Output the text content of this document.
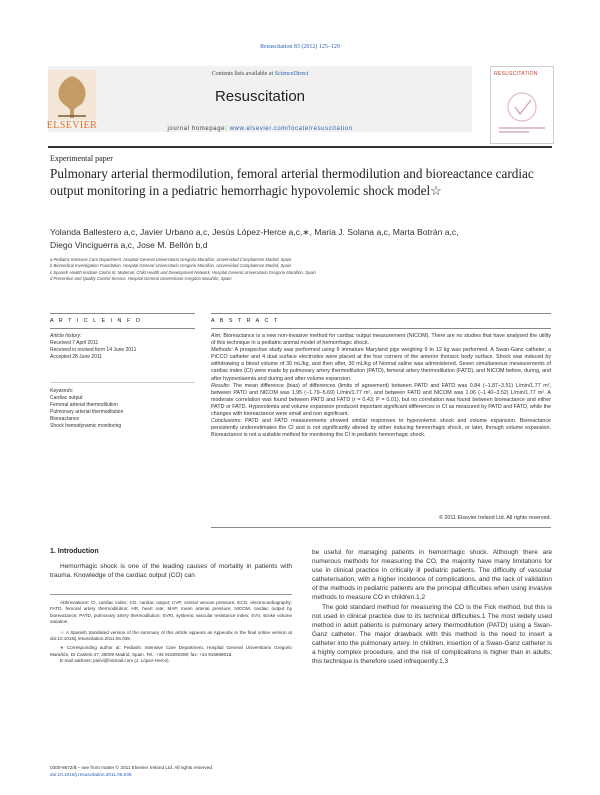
Resuscitation 83 (2012) 125–129
Contents lists available at ScienceDirect
Resuscitation
journal homepage: www.elsevier.com/locate/resuscitation
ELSEVIER
RESUSCITATION
Experimental paper
Pulmonary arterial thermodilution, femoral arterial thermodilution and bioreactance cardiac output monitoring in a pediatric hemorrhagic hypovolemic shock model☆
Yolanda Ballestero a,c, Javier Urbano a,c, Jesús López-Herce a,c,∗, Maria J. Solana a,c, Marta Botrán a,c,
Diego Vinciguerra a,c, Jose M. Bellón b,d
a Pediatric Intensive Care Department, Hospital General Universitario Gregorio Marañón, Universidad Complutense Madrid, Spain
b Biomedical Investigation Foundation, Hospital General Universitario Gregorio Marañón, Universidad Complutense Madrid, Spain
c Spanish Health Institute Carlos III, Maternal, Child Health and Development Network, Hospital General Universitario Gregorio Marañón, Spain
d Preventive and Quality Control Service, Hospital General Universitario Gregorio Marañón, Spain
A R T I C L E I N F O
Article history:
Received 7 April 2011
Received in revised form 14 June 2011
Accepted 28 June 2011
Keywords:
Cardiac output
Femoral arterial thermodilution
Pulmonary arterial thermodilution
Bioreactance
Shock hemodynamic monitoring
A B S T R A C T
Aim: Bioreactance is a new non-invasive method for cardiac output measurement (NICOM). There are no studies that have analysed the utility of this technique in a pediatric animal model of hemorrhagic shock.
Methods: A prospective study was performed using 9 immature Maryland pigs weighing 9 to 12 kg was performed. A Swan-Ganz catheter, a PiCCO catheter and 4 dual surface electrodes were placed at the four corners of the anterior thoracic body surface. Shock was induced by withdrawing a blood volume of 30 mL/kg, and then after, 30 mL/kg of Normal saline was administered. Seven simultaneous measurements of cardiac index (CI) were made by pulmonary artery thermodilution (PATD), femoral artery thermodilution (FATD), and NICOM before, during, and after hypovolaemia and during and after volume expansion.
Results: The mean difference (bias) of differences (limits of agreement) between PATD and FATD was 0.84 (−1.87–3.51) L/min/1.77 m², between PATD and NICOM was 1.95 (−1.79–5.69) L/min/1.77 m², and between FATD and NICOM was 1.06 (−1.40–3.52) L/min/1.77 m². A moderate correlation was found between PATD and FATD (r = 0.43; P = 0.01), but no correlation was found between bioreactance and either PATD or FATD. Hypovolemia and volume expansion produced important significant differences in CI as measured by PATD and FATD, while the changes with bioreactance were small and non significant.
Conclusions: PATD and FATD measurements showed similar responses to hypovolemic shock and volume expansion. Bioreactance persistently underestimates the CI and is not significantly altered by either inducing hemorrhagic shock, or later, through volume expansion. Bioreactance is not a suitable method for monitoring the CI in pediatric hemorrhagic shock.
© 2011 Elsevier Ireland Ltd. All rights reserved.
1. Introduction
Hemorrhagic shock is one of the leading causes of mortality in patients with trauma. Knowledge of the cardiac output (CO) can
be useful for managing patients in hemorrhagic shock. Although there are numerous methods for measuring the CO, the majority have many limitations for use in clinical practice in critically ill pediatric patients. The difficulty of vascular catheterisation, with a higher incidence of complications, and the lack of validation of the methods in pediatric patients are the principal difficulties when using invasive methods to measure CO in children.1,2
The gold standard method for measuring the CO is the Fick method, but this is not used in clinical practice due to its technical difficulties.1 The most widely used method in adult patients is pulmonary artery thermodilution (PATD) using a Swan-Ganz catheter. The major drawback with this method is the need to insert a catheter into the pulmonary artery. In children, insertion of a Swan-Ganz catheter is a highly complex procedure, and the risk of complications is higher than in adults; this technique is therefore used infrequently.1,3
Abbreviations: CI, cardiac index; CO, cardiac output; CVP, central venous pressure; ECG, electrocardiography; FATD, femoral artery thermodilution; HR, heart rate; MAP, mean arterial pressure; NICOM, cardiac output by bioreactance; PATD, pulmonary artery thermodilution; SVRI, systemic vascular resistance index; SVV, stroke volume variation.
☆ A Spanish translated version of the summary of this article appears as Appendix in the final online version at doi:10.1016/j.resuscitation.2011.06.039.
∗ Corresponding author at: Pediatric Intensive Care Department, Hospital General Universitario Gregorio Marañón, Dr Castelo 47, 28009 Madrid, Spain. Tel.: +34 915290308; fax: +34 915868018.
E-mail address: pielvi@hotmail.com (J. López-Herce).
0300-9572/$ – see front matter © 2011 Elsevier Ireland Ltd. All rights reserved.
doi:10.1016/j.resuscitation.2011.06.039
